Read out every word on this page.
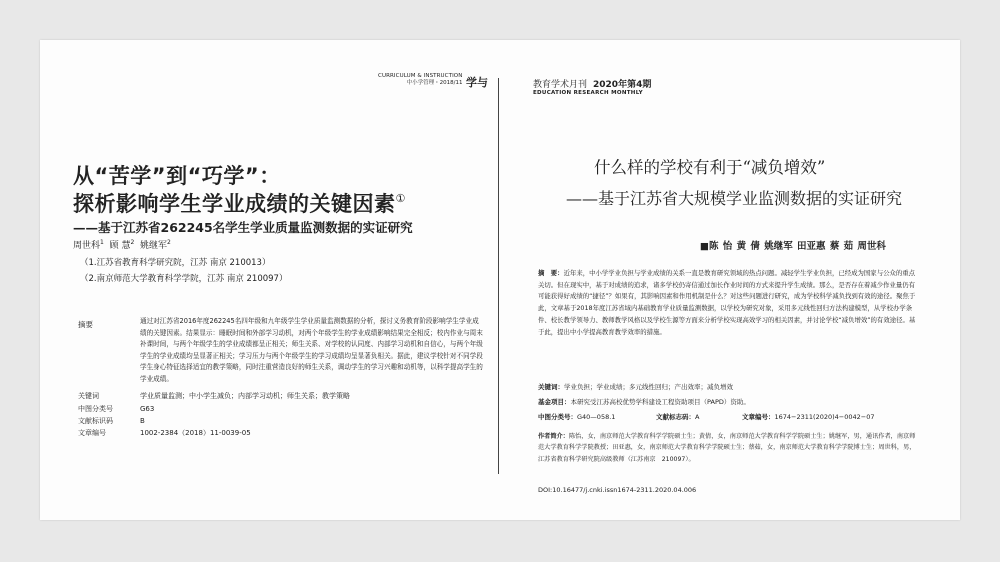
CURRICULUM & INSTRUCTION
中小学管理・2018/11 学与
从“苦学”到“巧学”：
探析影响学生学业成绩的关键因素①
——基于江苏省262245名学生学业质量监测数据的实证研究
周世科$^1$ 顾 慧$^2$ 姚继军$^2$
（1.江苏省教育科学研究院，江苏 南京 210013）
（2.南京师范大学教育科学学院，江苏 南京 210097）
摘要	通过对江苏省2016年度262245名四年级和九年级学生学业质量监测数据的分析，探讨义务教育阶段影响学生学业成绩的关键因素。结果显示：睡眠时间和外部学习动机，对两个年级学生的学业成绩影响结果完全相反；校内作业与周末补课时间，与两个年级学生的学业成绩都呈正相关；师生关系、对学校的认同度、内部学习动机和自信心，与两个年级学生的学业成绩均呈显著正相关；学习压力与两个年级学生的学习成绩均呈显著负相关。据此，建议学校针对不同学段学生身心特征选择适宜的教学策略，同时注重营造良好的师生关系，调动学生的学习兴趣和动机等，以科学提高学生的学业成绩。
关键词	学业质量监测；中小学生减负；内部学习动机；师生关系；教学策略
中图分类号	G63
文献标识码	B
文章编号	1002-2384（2018）11-0039-05
教育学术月刊 2020年第4期
EDUCATION RESEARCH MONTHLY
什么样的学校有利于“减负增效”
——基于江苏省大规模学业监测数据的实证研究
■陈 怡 黄 倩 姚继军 田亚惠 蔡 茹 周世科
摘　要：近年来，中小学学业负担与学业成绩的关系一直是教育研究领域的热点问题。减轻学生学业负担，已经成为国家与公众的重点关切。但在现实中，基于对成绩的追求，诸多学校仍寄信通过加长作业时间的方式来提升学生成绩。那么，是否存在着减少作业量仍有可能获得好成绩的“捷径”？如果有，其影响因素和作用机制是什么？对这些问题进行研究，成为学校科学减负找到有效的途径。聚焦于此，文章基于2018年度江苏省域内基础教育学业质量监测数据，以学校为研究对象，采用多元线性回归方法构建模型，从学校办学条件、校长教学领导力、教师教学风格以及学校生源等方面来分析学校实现高效学习的相关因素，并讨论学校“减负增效”的有效途径。基于此，提出中小学提高教育教学效率的措施。
关键词：学业负担；学业成绩；多元线性回归；产出效率；减负增效
基金项目：本研究受江苏高校优势学科建设工程资助项目（PAPD）资助。
中图分类号：G40—058.1	文献标志码：A	文章编号：1674−2311(2020)4−0042−07
作者简介：陈怡，女，南京师范大学教育科学学院硕士生；黄倩，女，南京师范大学教育科学学院硕士生；姚继军，男，通讯作者，南京师范大学教育科学学院教授；田亚惠，女，南京师范大学教育科学学院硕士生；蔡茹，女，南京师范大学教育科学学院博士生；周世科，男，江苏省教育科学研究院高级教师（江苏南京　210097）。
DOI:10.16477/j.cnki.issn1674-2311.2020.04.006
